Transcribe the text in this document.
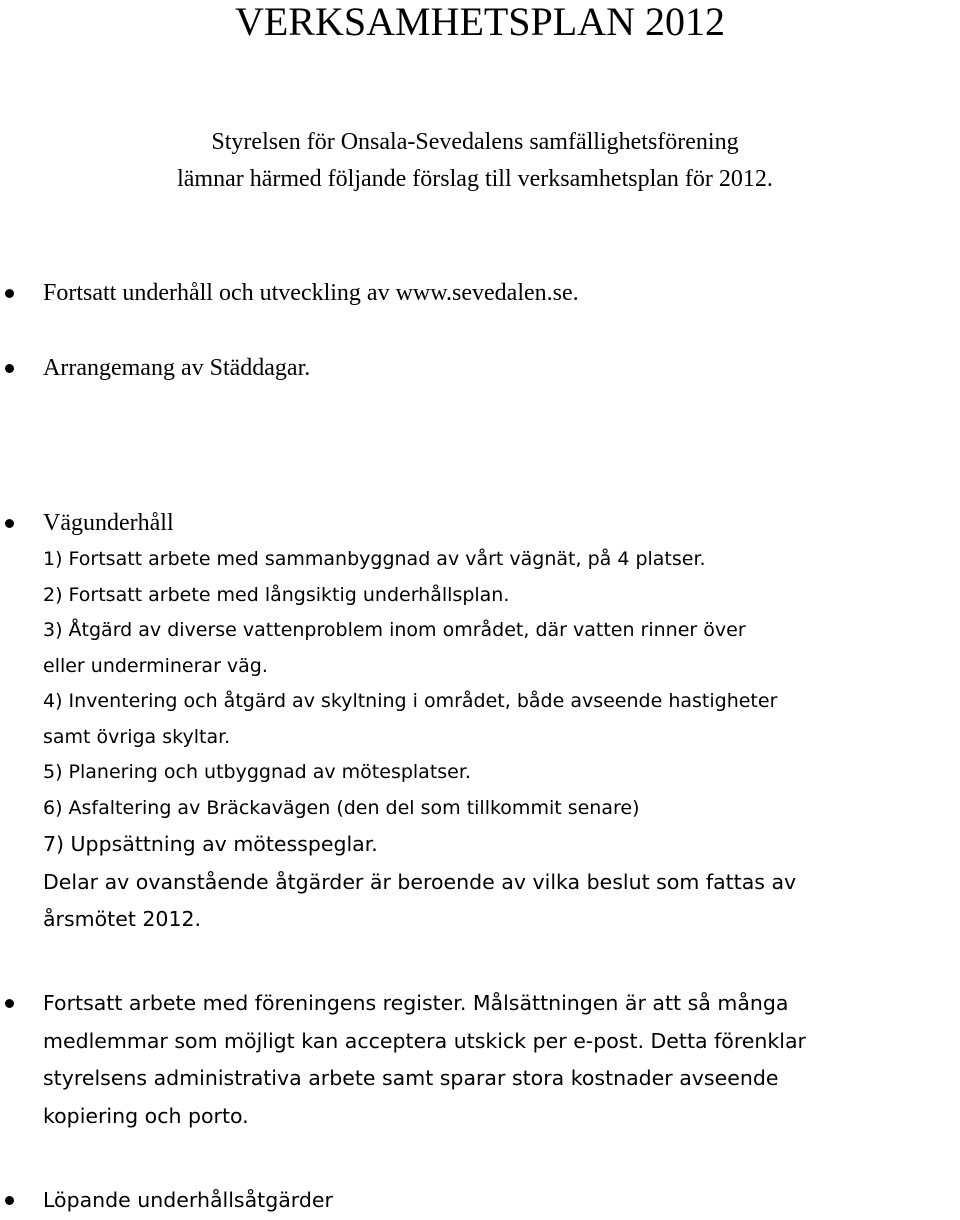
VERKSAMHETSPLAN 2012
Styrelsen för Onsala-Sevedalens samfällighetsförening
lämnar härmed följande förslag till verksamhetsplan för 2012.
Fortsatt underhåll och utveckling av www.sevedalen.se.
Arrangemang av Städdagar.
Vägunderhåll
1) Fortsatt arbete med sammanbyggnad av vårt vägnät, på 4 platser.
2) Fortsatt arbete med långsiktig underhållsplan.
3) Åtgärd av diverse vattenproblem inom området, där vatten rinner över
eller underminerar väg.
4) Inventering och åtgärd av skyltning i området, både avseende hastigheter
samt övriga skyltar.
5) Planering och utbyggnad av mötesplatser.
6) Asfaltering av Bräckavägen (den del som tillkommit senare)
7) Uppsättning av mötesspeglar.
Delar av ovanstående åtgärder är beroende av vilka beslut som fattas av
årsmötet 2012.
Fortsatt arbete med föreningens register. Målsättningen är att så många
medlemmar som möjligt kan acceptera utskick per e-post. Detta förenklar
styrelsens administrativa arbete samt sparar stora kostnader avseende
kopiering och porto.
Löpande underhållsåtgärder
